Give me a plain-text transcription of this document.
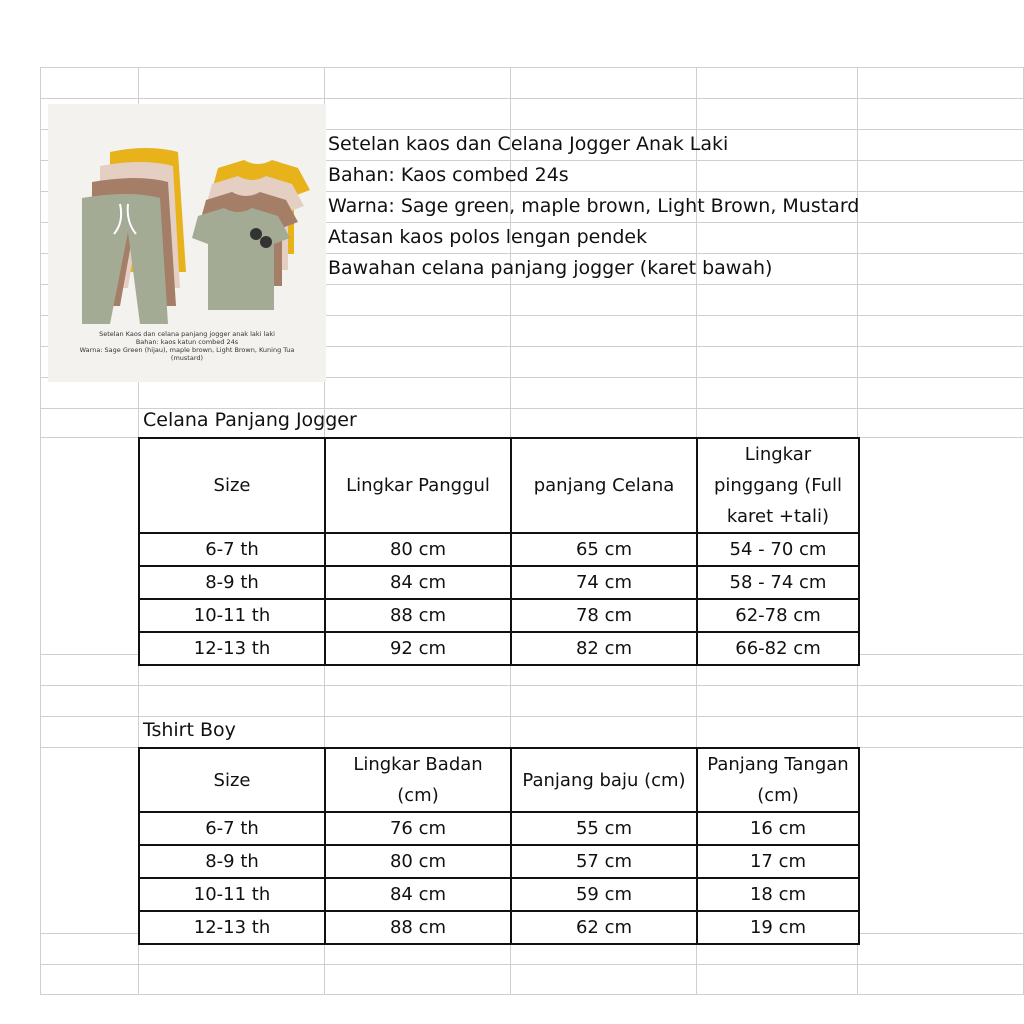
Setelan Kaos dan celana panjang jogger anak laki laki
Bahan: kaos katun combed 24s
Warna: Sage Green (hijau), maple brown, Light Brown, Kuning Tua
(mustard)
Setelan kaos dan Celana Jogger Anak Laki
Bahan: Kaos combed 24s
Warna: Sage green, maple brown, Light Brown, Mustard
Atasan kaos polos lengan pendek
Bawahan celana panjang jogger (karet bawah)
Celana Panjang Jogger
Size	Lingkar Panggul	panjang Celana	Lingkar pinggang (Full karet +tali)
6-7 th	80 cm	65 cm	54 - 70 cm
8-9 th	84 cm	74 cm	58 - 74 cm
10-11 th	88 cm	78 cm	62-78 cm
12-13 th	92 cm	82 cm	66-82 cm
Tshirt Boy
Size	Lingkar Badan (cm)	Panjang baju (cm)	Panjang Tangan (cm)
6-7 th	76 cm	55 cm	16 cm
8-9 th	80 cm	57 cm	17 cm
10-11 th	84 cm	59 cm	18 cm
12-13 th	88 cm	62 cm	19 cm
